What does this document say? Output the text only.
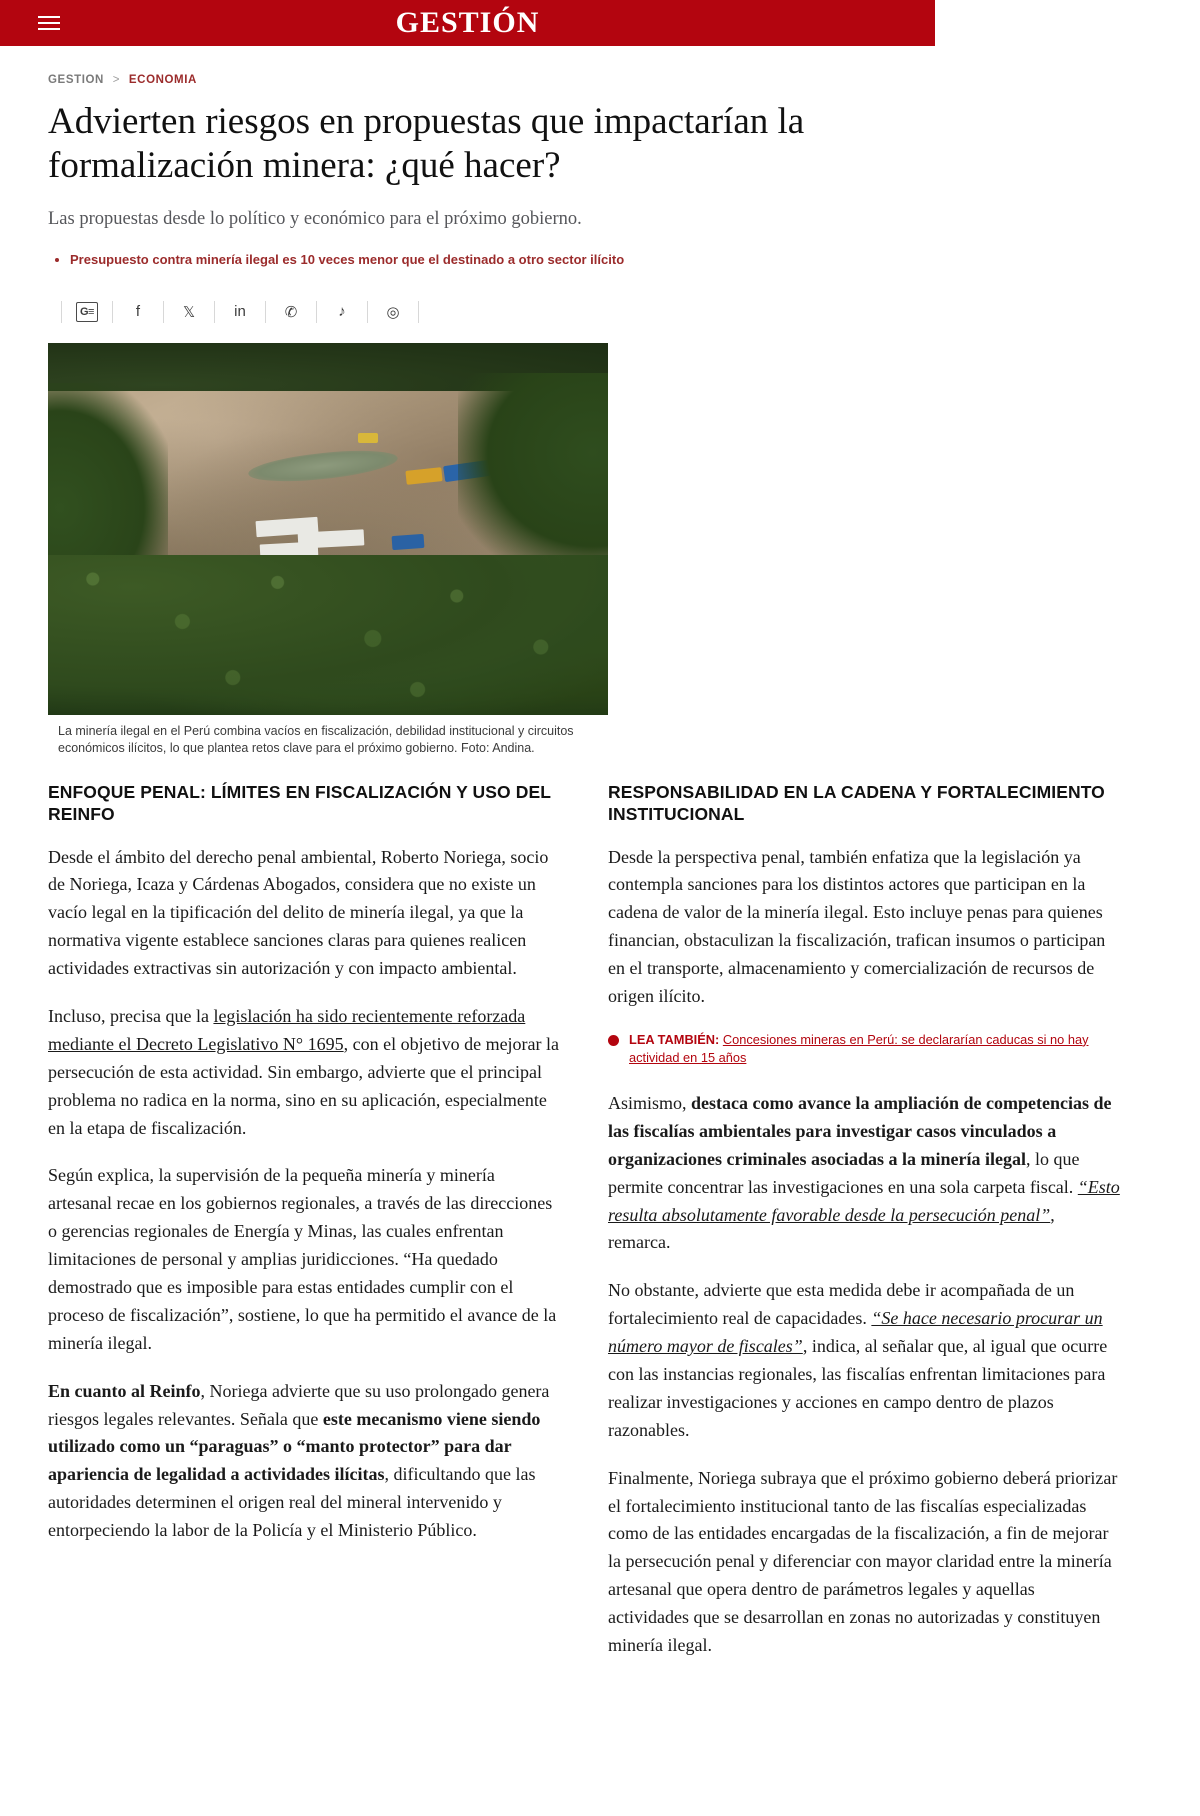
GESTIÓN
GESTION > ECONOMIA
Advierten riesgos en propuestas que impactarían la formalización minera: ¿qué hacer?

Las propuestas desde lo político y económico para el próximo gobierno.

• Presupuesto contra minería ilegal es 10 veces menor que el destinado a otro sector ilícito
G≡	f	𝕏	in	✆	♪	◎
La minería ilegal en el Perú combina vacíos en fiscalización, debilidad institucional y circuitos económicos ilícitos, lo que plantea retos clave para el próximo gobierno. Foto: Andina.
ENFOQUE PENAL: LÍMITES EN FISCALIZACIÓN Y USO DEL REINFO

Desde el ámbito del derecho penal ambiental, Roberto Noriega, socio de Noriega, Icaza y Cárdenas Abogados, considera que no existe un vacío legal en la tipificación del delito de minería ilegal, ya que la normativa vigente establece sanciones claras para quienes realicen actividades extractivas sin autorización y con impacto ambiental.

Incluso, precisa que la legislación ha sido recientemente reforzada mediante el Decreto Legislativo N° 1695, con el objetivo de mejorar la persecución de esta actividad. Sin embargo, advierte que el principal problema no radica en la norma, sino en su aplicación, especialmente en la etapa de fiscalización.

Según explica, la supervisión de la pequeña minería y minería artesanal recae en los gobiernos regionales, a través de las direcciones o gerencias regionales de Energía y Minas, las cuales enfrentan limitaciones de personal y amplias juridicciones. “Ha quedado demostrado que es imposible para estas entidades cumplir con el proceso de fiscalización”, sostiene, lo que ha permitido el avance de la minería ilegal.

En cuanto al Reinfo, Noriega advierte que su uso prolongado genera riesgos legales relevantes. Señala que este mecanismo viene siendo utilizado como un “paraguas” o “manto protector” para dar apariencia de legalidad a actividades ilícitas, dificultando que las autoridades determinen el origen real del mineral intervenido y entorpeciendo la labor de la Policía y el Ministerio Público.

RESPONSABILIDAD EN LA CADENA Y FORTALECIMIENTO INSTITUCIONAL

Desde la perspectiva penal, también enfatiza que la legislación ya contempla sanciones para los distintos actores que participan en la cadena de valor de la minería ilegal. Esto incluye penas para quienes financian, obstaculizan la fiscalización, trafican insumos o participan en el transporte, almacenamiento y comercialización de recursos de origen ilícito.

LEA TAMBIÉN: Concesiones mineras en Perú: se declararían caducas si no hay actividad en 15 años

Asimismo, destaca como avance la ampliación de competencias de las fiscalías ambientales para investigar casos vinculados a organizaciones criminales asociadas a la minería ilegal, lo que permite concentrar las investigaciones en una sola carpeta fiscal. “Esto resulta absolutamente favorable desde la persecución penal”, remarca.

No obstante, advierte que esta medida debe ir acompañada de un fortalecimiento real de capacidades. “Se hace necesario procurar un número mayor de fiscales”, indica, al señalar que, al igual que ocurre con las instancias regionales, las fiscalías enfrentan limitaciones para realizar investigaciones y acciones en campo dentro de plazos razonables.

Finalmente, Noriega subraya que el próximo gobierno deberá priorizar el fortalecimiento institucional tanto de las fiscalías especializadas como de las entidades encargadas de la fiscalización, a fin de mejorar la persecución penal y diferenciar con mayor claridad entre la minería artesanal que opera dentro de parámetros legales y aquellas actividades que se desarrollan en zonas no autorizadas y constituyen minería ilegal.
